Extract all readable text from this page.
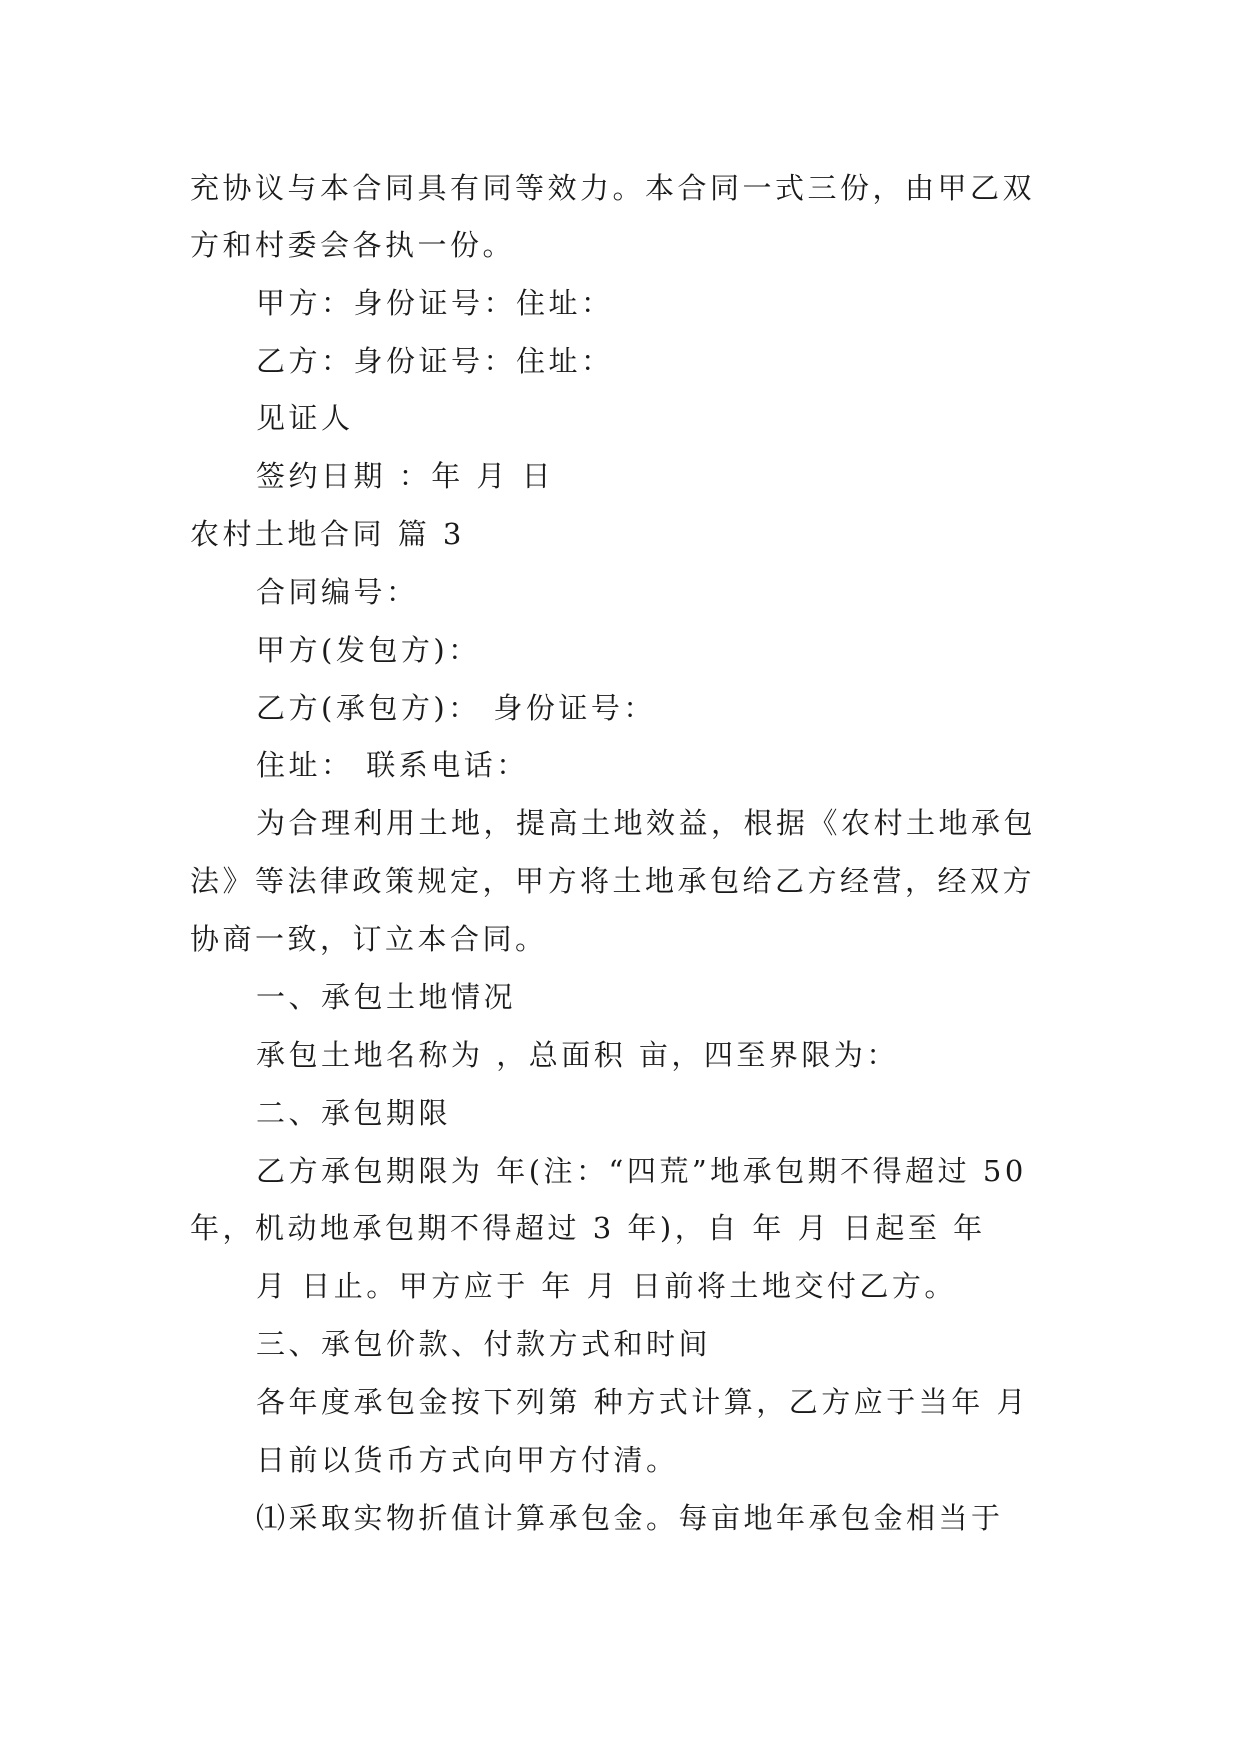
充协议与本合同具有同等效力。本合同一式三份，由甲乙双
方和村委会各执一份。
甲方：身份证号：住址：
乙方：身份证号：住址：
见证人
签约日期 ：年 月 日
农村土地合同 篇 3
合同编号：
甲方(发包方)：
乙方(承包方)： 身份证号：
住址： 联系电话：
为合理利用土地，提高土地效益，根据《农村土地承包
法》等法律政策规定，甲方将土地承包给乙方经营，经双方
协商一致，订立本合同。
一、承包土地情况
承包土地名称为 ，总面积 亩，四至界限为：
二、承包期限
乙方承包期限为 年(注：“四荒”地承包期不得超过 50
年，机动地承包期不得超过 3 年)，自 年 月 日起至 年
月 日止。甲方应于 年 月 日前将土地交付乙方。
三、承包价款、付款方式和时间
各年度承包金按下列第 种方式计算，乙方应于当年 月
日前以货币方式向甲方付清。
⑴采取实物折值计算承包金。每亩地年承包金相当于
